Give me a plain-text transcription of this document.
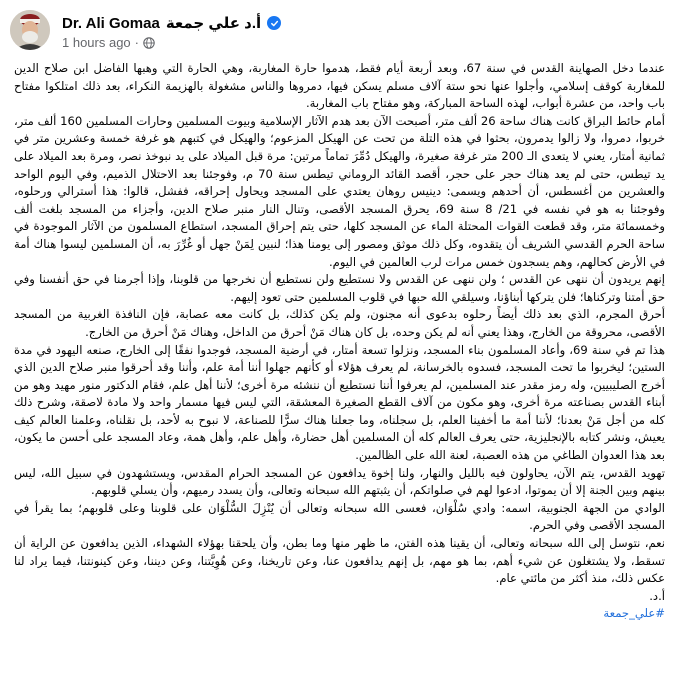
Dr. Ali Gomaa أ.د علي جمعة
1 hours ago ·

عندما دخل الصهاينة القدس في سنة 67، وبعد أربعة أيام فقط، هدموا حارة المغاربة، وهي الحارة التي وهبها الفاضل ابن صلاح الدين للمغاربة كوقف إسلامي، وأجلوا عنها نحو ستة آلاف مسلم يسكن فيها، دمروها والناس مشغولة بالهزيمة النكراء، بعد ذلك امتلكوا مفتاح باب واحد، من عشرة أبواب، لهذه الساحة المباركة، وهو مفتاح باب المغاربة.

أمام حائط البراق كانت هناك ساحة 26 ألف متر، أصبحت الآن بعد هدم الآثار الإسلامية وبيوت المسلمين وحارات المسلمين 160 ألف متر، خربوا، دمروا، ولا زالوا يدمرون، بحثوا في هذه التلة من تحت عن الهيكل المزعوم؛ والهيكل في كتبهم هو غرفة خمسة وعشرين متر في ثمانية أمتار، يعني لا يتعدى الـ 200 متر غرفة صغيرة، والهيكل دُمِّرَ تماماً مرتين: مرة قبل الميلاد على يد نبوخذ نصر، ومرة بعد الميلاد على يد تيطس، حتى لم يعد هناك حجر على حجر، أقصد القائد الروماني تيطس سنة 70 م، وفوجئنا بعد الاحتلال الذميم، وفي اليوم الواحد والعشرين من أغسطس، أن أحدهم ويسمى: دينيس روهان يعتدي على المسجد ويحاول إحراقه، ففشل، قالوا: هذا أسترالي ورحلوه، وفوجئنا به هو في نفسه في 21/ 8 سنة 69، يحرق المسجد الأقصى، وتنال النار منبر صلاح الدين، وأجزاء من المسجد بلغت ألف وخمسمائة متر، وقد قطعت القوات المحتلة الماء عن المسجد كلها، حتى يتم إحراق المسجد، استطاع المسلمون من الآثار الموجودة في ساحة الحرم القدسي الشريف أن يتقدوه، وكل ذلك موثق ومصور إلى يومنا هذا؛ لنبين لِمَنْ جهل أو غُرِّرَ به، أن المسلمين ليسوا هناك أمة في الأرض كحالهم، وهم يسجدون خمس مرات لرب العالمين في اليوم.

إنهم يريدون أن ننهى عن القدس ؛ ولن ننهى عن القدس ولا نستطيع ولن نستطيع أن نخرجها من قلوبنا، وإذا أجرمنا في حق أنفسنا وفي حق أمتنا وتركناها؛ فلن يتركها أبناؤنا، وسيلقي الله حبها في قلوب المسلمين حتى تعود إليهم.

أحرق المجرم، الذي بعد ذلك أيضاً رحلوه بدعوى أنه مجنون، ولم يكن كذلك، بل كانت معه عصابة، فإن النافذة الغربية من المسجد الأقصى، محروقة من الخارج، وهذا يعني أنه لم يكن وحده، بل كان هناك مَنْ أحرق من الداخل، وهناك مَنْ أحرق من الخارج.

هذا تم في سنة 69، وأعاد المسلمون بناء المسجد، ونزلوا تسعة أمتار، في أرضية المسجد، فوجدوا نفقًا إلى الخارج، صنعه اليهود في مدة الستين؛ ليخربوا ما تحت المسجد، فسدوه بالخرسانة، لم يعرف هؤلاء أو كأنهم جهلوا أننا أمة علم، وأننا وقد أحرقوا منبر صلاح الدين الذي أخرج الصليبيين، وله رمز مقدر عند المسلمين، لم يعرفوا أننا نستطيع أن ننشئه مرة أخرى؛ لأننا أهل علم، فقام الدكتور منور مهيد وهو من أبناء القدس بصناعته مرة أخرى، وهو مكون من آلاف القطع الصغيرة المعشقة، التي ليس فيها مسمار واحد ولا مادة لاصقة، وشرح ذلك كله من أجل مَنْ بعدنا؛ لأننا أمة ما أخفينا العلم، بل سجلناه، وما جعلنا هناك سرًّا للصناعة، لا نبوح به لأحد، بل نقلناه، وعلمنا العالم كيف يعيش، ونشر كتابه بالإنجليزية، حتى يعرف العالم كله أن المسلمين أهل حضارة، وأهل علم، وأهل همة، وعاد المسجد على أحسن ما يكون، بعد هذا العدوان الطاغي من هذه العصبة، لعنة الله على الظالمين.

تهويد القدس، يتم الآن، يحاولون فيه بالليل والنهار، ولنا إخوة يدافعون عن المسجد الحرام المقدس، ويستشهدون في سبيل الله، ليس بينهم وبين الجنة إلا أن يموتوا، ادعوا لهم في صلواتكم، أن يثبتهم الله سبحانه وتعالى، وأن يسدد رميهم، وأن يسلي قلوبهم.

الوادي من الجهة الجنوبية، اسمه: وادي سُلْوَان، فعسى الله سبحانه وتعالى أن يُنْزِلَ السُّلْوَان على قلوبنا وعلى قلوبهم؛ بما يقرأ في المسجد الأقصى وفي الحرم.

نعم، نتوسل إلى الله سبحانه وتعالى، أن يقينا هذه الفتن، ما ظهر منها وما بطن، وأن يلحقنا بهؤلاء الشهداء، الذين يدافعون عن الراية أن تسقط، ولا يشتغلون عن شيء أهم، بما هو مهم، بل إنهم يدافعون عنا، وعن تاريخنا، وعن هُوِيَّتنا، وعن ديننا، وعن كينونتنا، فيما يراد لنا عكس ذلك، منذ أكثر من مائتي عام.

أ.د.

#علي_جمعة
